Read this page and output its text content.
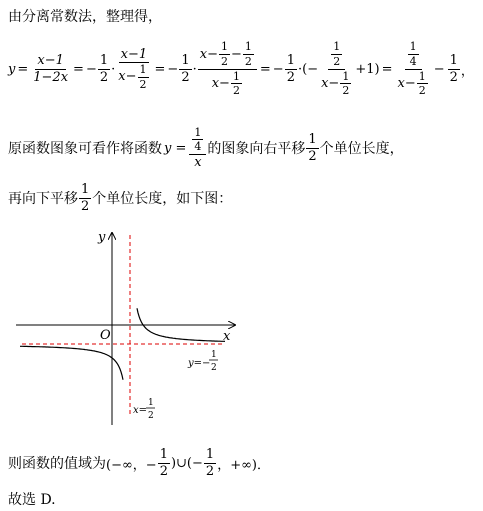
由分离常数法，整理得，
$y = \frac{x-1}{1-2x}$ = − $\frac{1}{2} \cdot \frac{x-1}{x- \frac{1}{2}}$ = − $\frac{1}{2} \cdot \frac{x- \frac{1}{2} - \frac{1}{2}}{x- \frac{1}{2}}$ = − $\frac{1}{2}$ · (− $\frac{\frac{1}{2}}{x- \frac{1}{2}} +1) = \frac{\frac{1}{4}}{x- \frac{1}{2}} - \frac{1}{2}$ ，
原函数图象可看作将函数 $y = \frac{\frac{1}{4}}{x}$ 的图象向右平移 $\frac{1}{2}$ 个单位长度，
再向下平移 $\frac{1}{2}$ 个单位长度，如下图：
y
x
O
y=−
1
2
x=
1
2
则函数的值域为 (−∞，− $\frac{1}{2}$ )∪(− $\frac{1}{2}$ ，+∞)．
故选 D.
